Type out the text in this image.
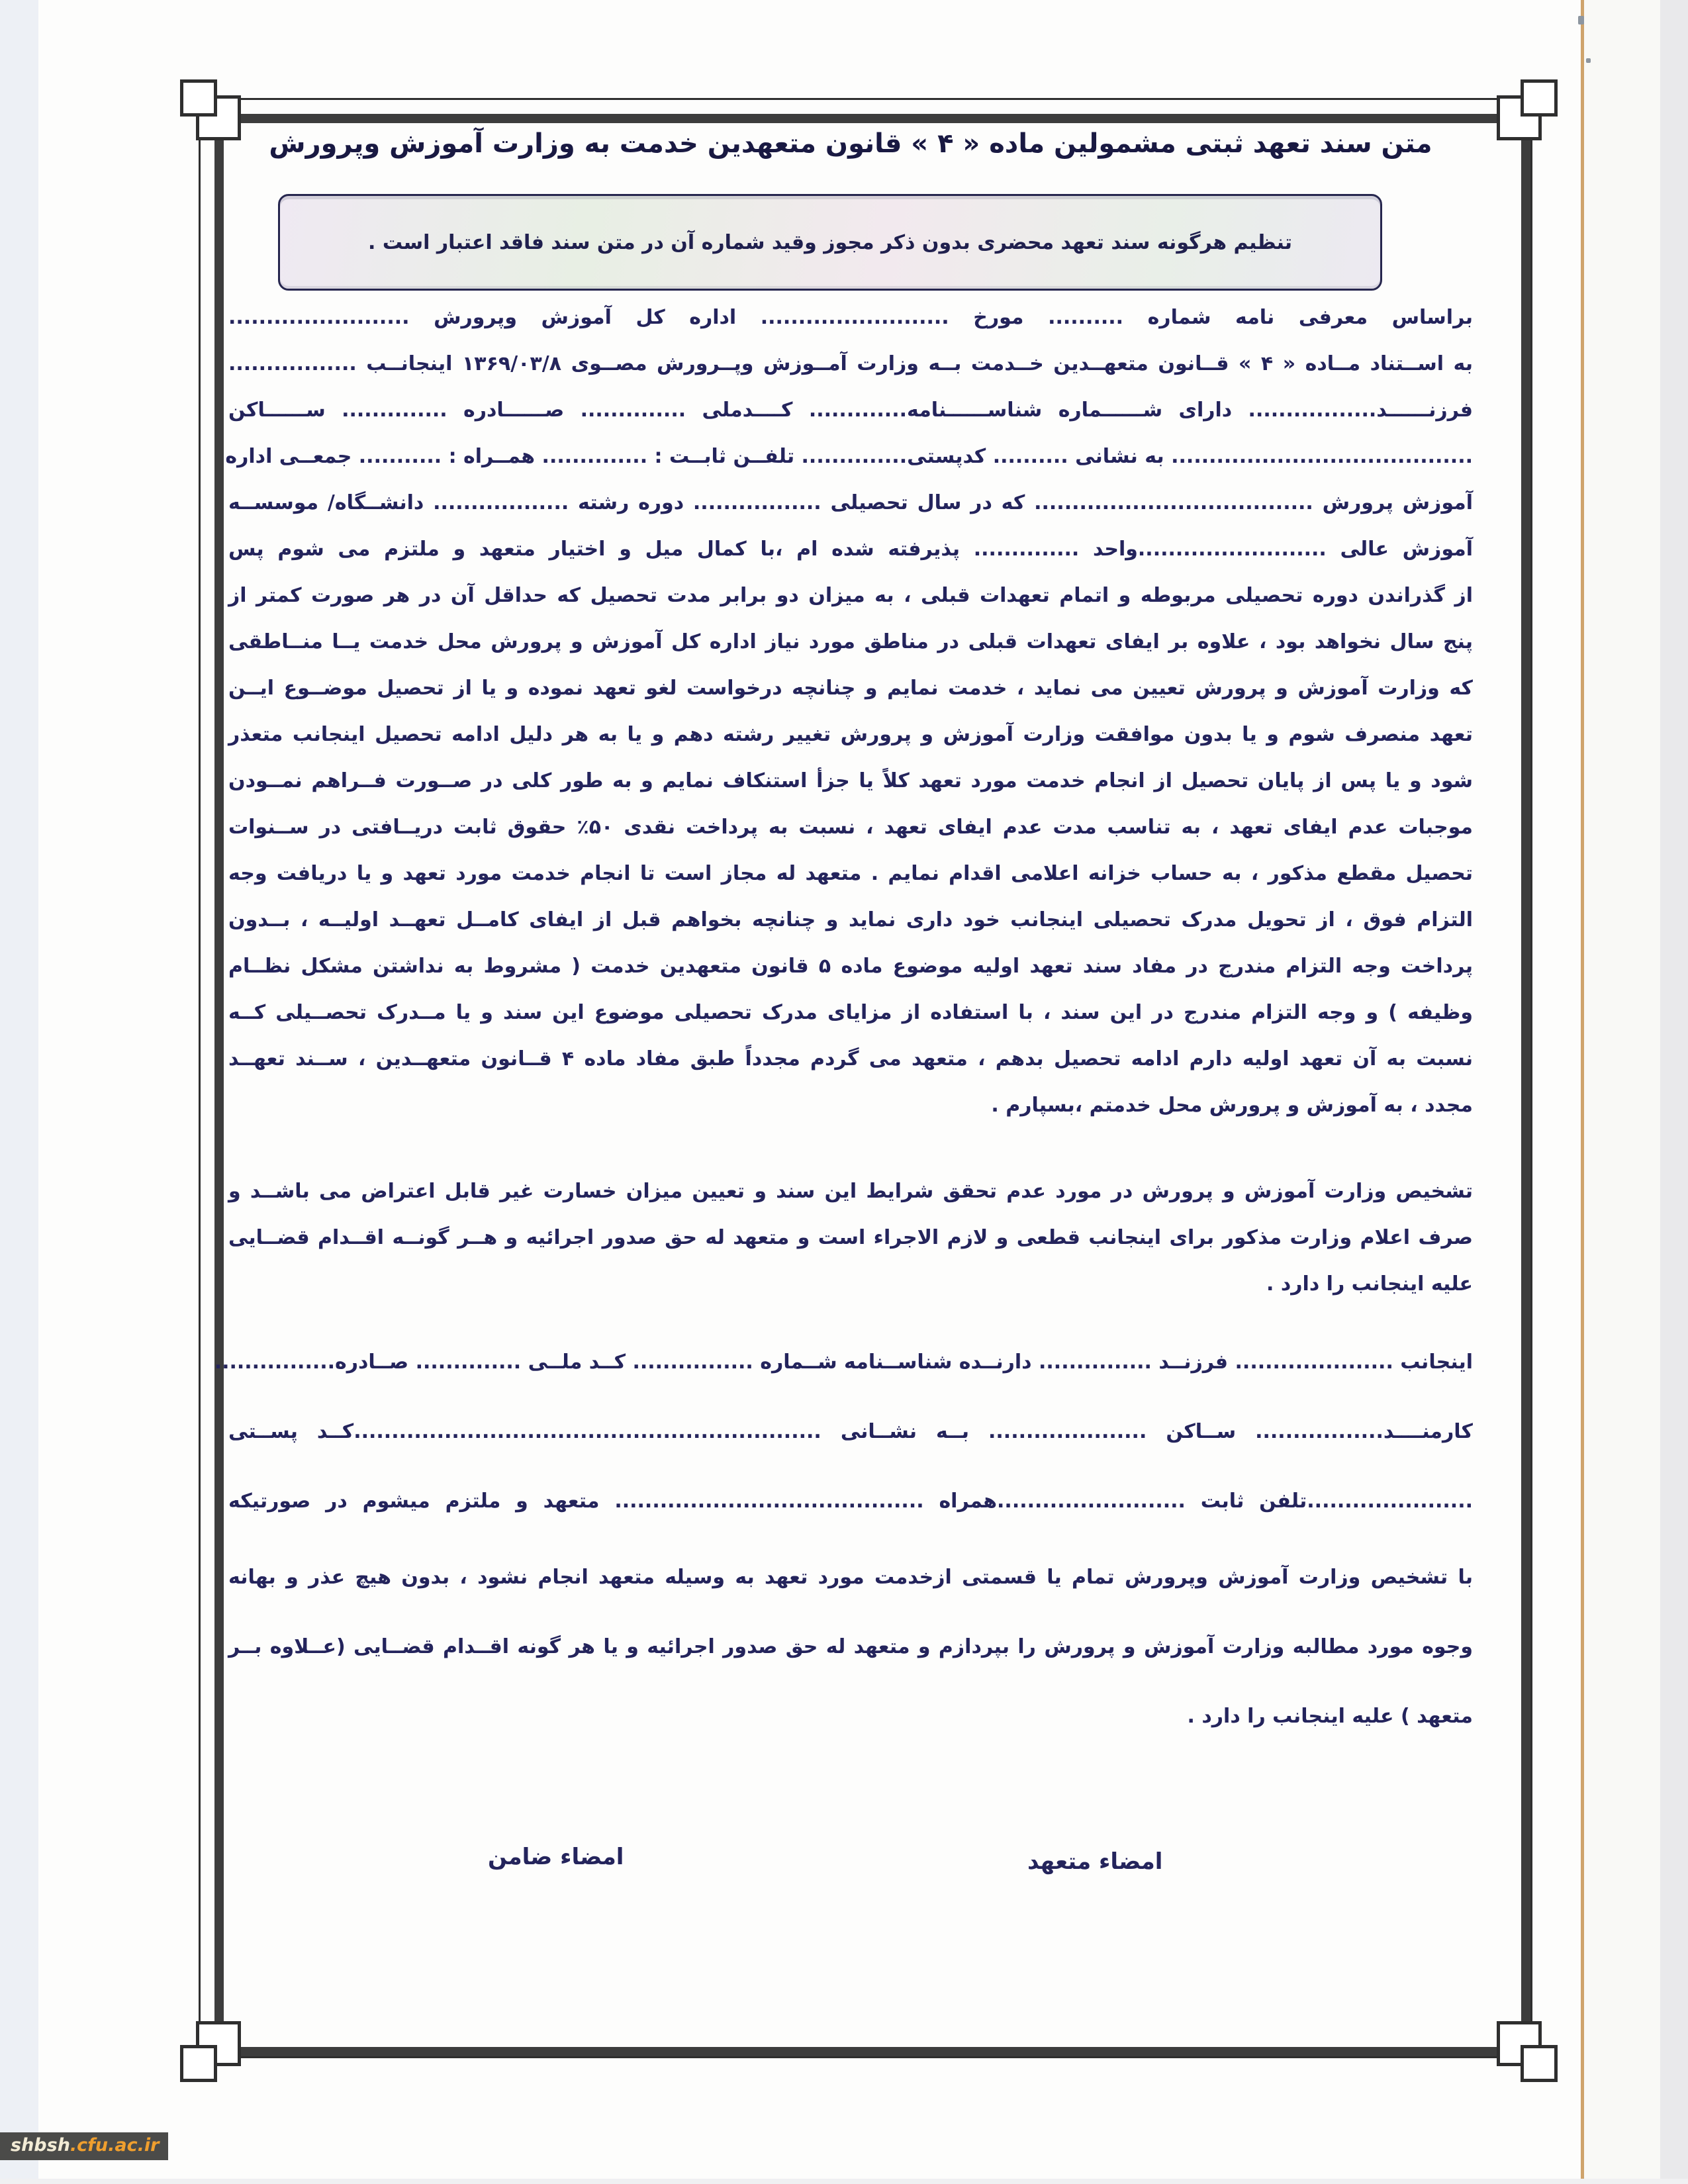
متن سند تعهد ثبتی مشمولین ماده « ۴ » قانون متعهدین خدمت به وزارت آموزش وپرورش
تنظیم هرگونه سند تعهد محضری بدون ذکر مجوز وقید شماره آن در متن سند فاقد اعتبار است .
براساس معرفی نامه شماره .......... مورخ ......................... اداره کل آموزش وپرورش ........................
به اســتناد مــاده « ۴ » قــانون متعهــدین خــدمت بــه وزارت آمــوزش وپــرورش مصــوی ۱۳۶۹/۰۳/۸ اینجانــب .................
فرزنــــــد................. دارای شــــــماره شناســــــنامه............. کــــدملی .............. صــــــادره .............. ســــــاکن
........................................ به نشانی .......... کدپستی.............. تلفــن ثابــت : .............. همــراه : ........... جمعــی اداره
آموزش پرورش ..................................... که در سال تحصیلی ................. دوره رشته .................. دانشــگاه/ موسســه
آموزش عالی .........................واحد .............. پذیرفته شده ام ،با کمال میل و اختیار متعهد و ملتزم می شوم پس
از گذراندن دوره تحصیلی مربوطه و اتمام تعهدات قبلی ، به میزان دو برابر مدت تحصیل که حداقل آن در هر صورت کمتر از
پنج سال نخواهد بود ، علاوه بر ایفای تعهدات قبلی در مناطق مورد نیاز اداره کل آموزش و پرورش محل خدمت یــا منــاطقی
که وزارت آموزش و پرورش تعیین می نماید ، خدمت نمایم و چنانچه درخواست لغو تعهد نموده و یا از تحصیل موضــوع ایــن
تعهد منصرف شوم و یا بدون موافقت وزارت آموزش و پرورش تغییر رشته دهم و یا به هر دلیل ادامه تحصیل اینجانب متعذر
شود و یا پس از پایان تحصیل از انجام خدمت مورد تعهد کلاً یا جزأ استنکاف نمایم و به طور کلی در صــورت فــراهم نمــودن
موجبات عدم ایفای تعهد ، به تناسب مدت عدم ایفای تعهد ، نسبت به پرداخت نقدی ۵۰٪ حقوق ثابت دریــافتی در ســنوات
تحصیل مقطع مذکور ، به حساب خزانه اعلامی اقدام نمایم . متعهد له مجاز است تا انجام خدمت مورد تعهد و یا دریافت وجه
التزام فوق ، از تحویل مدرک تحصیلی اینجانب خود داری نماید و چنانچه بخواهم قبل از ایفای کامــل تعهــد اولیــه ، بــدون
پرداخت وجه التزام مندرج در مفاد سند تعهد اولیه موضوع ماده ۵ قانون متعهدین خدمت ( مشروط به نداشتن مشکل نظــام
وظیفه ) و وجه التزام مندرج در این سند ، با استفاده از مزایای مدرک تحصیلی موضوع این سند و یا مــدرک تحصــیلی کــه
نسبت به آن تعهد اولیه دارم ادامه تحصیل بدهم ، متعهد می گردم مجدداً طبق مفاد ماده ۴ قــانون متعهــدین ، ســند تعهــد
مجدد ، به آموزش و پرورش محل خدمتم ،بسپارم .
تشخیص وزارت آموزش و پرورش در مورد عدم تحقق شرایط این سند و تعیین میزان خسارت غیر قابل اعتراض می باشــد و
صرف اعلام وزارت مذکور برای اینجانب قطعی و لازم الاجراء است و متعهد له حق صدور اجرائیه و هــر گونــه اقــدام قضــایی
علیه اینجانب را دارد .
اینجانب ..................... فرزنــد ............... دارنــده شناســنامه شــماره ................ کــد ملــی .............. صــادره................
کارمنــــد................. ســاکن ..................... بــه نشــانی ..............................................................کــد پســتی
......................تلفن ثابت .........................همراه ......................................... متعهد و ملتزم میشوم در صورتیکه
با تشخیص وزارت آموزش وپرورش تمام یا قسمتی ازخدمت مورد تعهد به وسیله متعهد انجام نشود ، بدون هیچ عذر و بهانه
وجوه مورد مطالبه وزارت آموزش و پرورش را بپردازم و متعهد له حق صدور اجرائیه و یا هر گونه اقــدام قضــایی (عــلاوه بــر
متعهد ) علیه اینجانب را دارد .
امضاء متعهد
امضاء ضامن
shbsh.cfu.ac.ir
